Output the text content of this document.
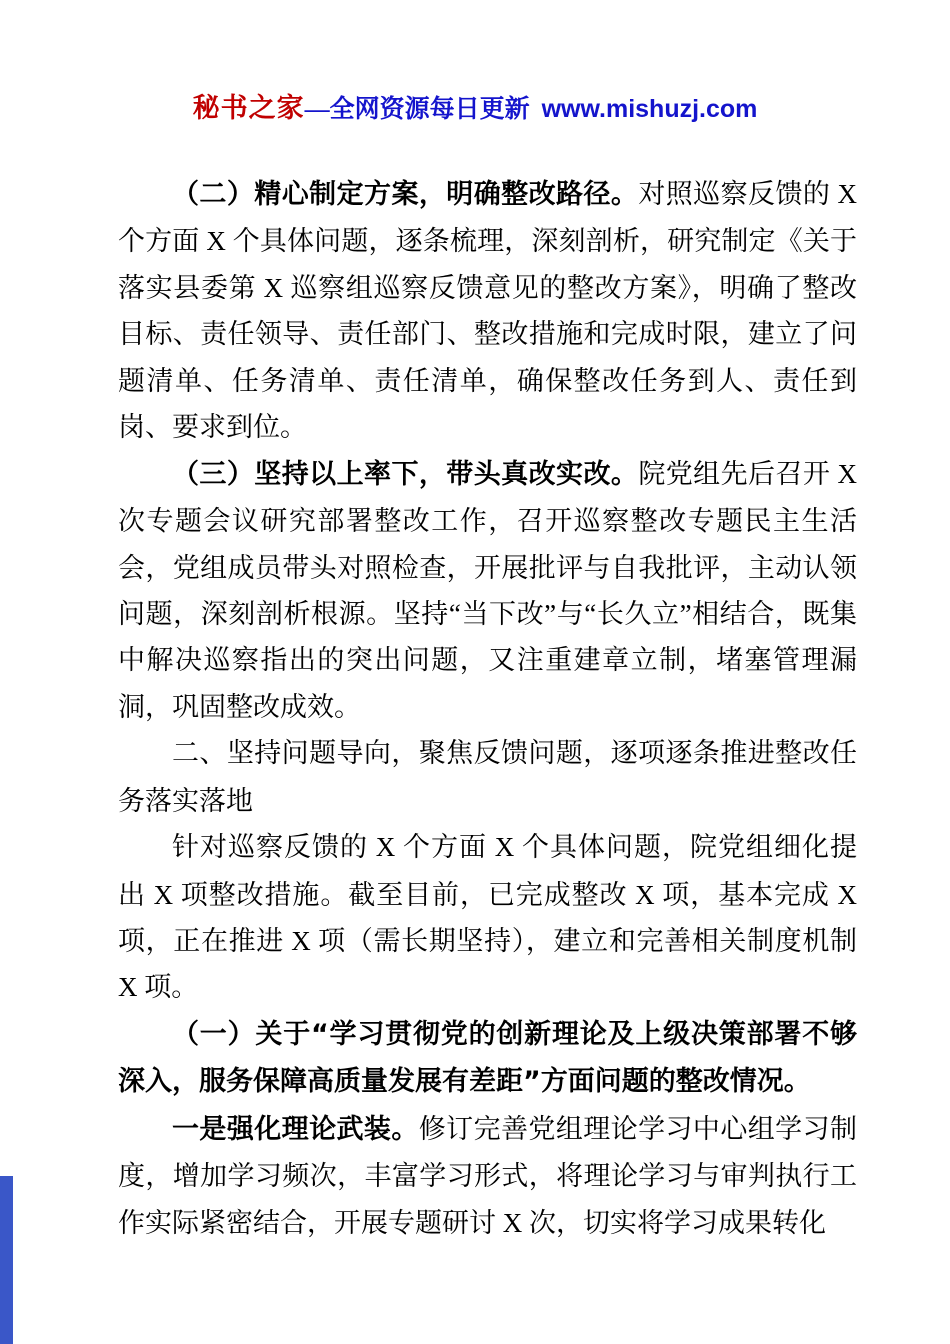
秘书之家—全网资源每日更新 www.mishuzj.com

（二）精心制定方案，明确整改路径。对照巡察反馈的 X 个方面 X 个具体问题，逐条梳理，深刻剖析，研究制定《关于落实县委第 X 巡察组巡察反馈意见的整改方案》，明确了整改目标、责任领导、责任部门、整改措施和完成时限，建立了问题清单、任务清单、责任清单，确保整改任务到人、责任到岗、要求到位。

（三）坚持以上率下，带头真改实改。院党组先后召开 X 次专题会议研究部署整改工作，召开巡察整改专题民主生活会，党组成员带头对照检查，开展批评与自我批评，主动认领问题，深刻剖析根源。坚持“当下改”与“长久立”相结合，既集中解决巡察指出的突出问题，又注重建章立制，堵塞管理漏洞，巩固整改成效。

二、坚持问题导向，聚焦反馈问题，逐项逐条推进整改任务落实落地

针对巡察反馈的 X 个方面 X 个具体问题，院党组细化提出 X 项整改措施。截至目前，已完成整改 X 项，基本完成 X 项，正在推进 X 项（需长期坚持），建立和完善相关制度机制 X 项。

（一）关于“学习贯彻党的创新理论及上级决策部署不够深入，服务保障高质量发展有差距”方面问题的整改情况。

一是强化理论武装。修订完善党组理论学习中心组学习制度，增加学习频次，丰富学习形式，将理论学习与审判执行工作实际紧密结合，开展专题研讨 X 次，切实将学习成果转化
